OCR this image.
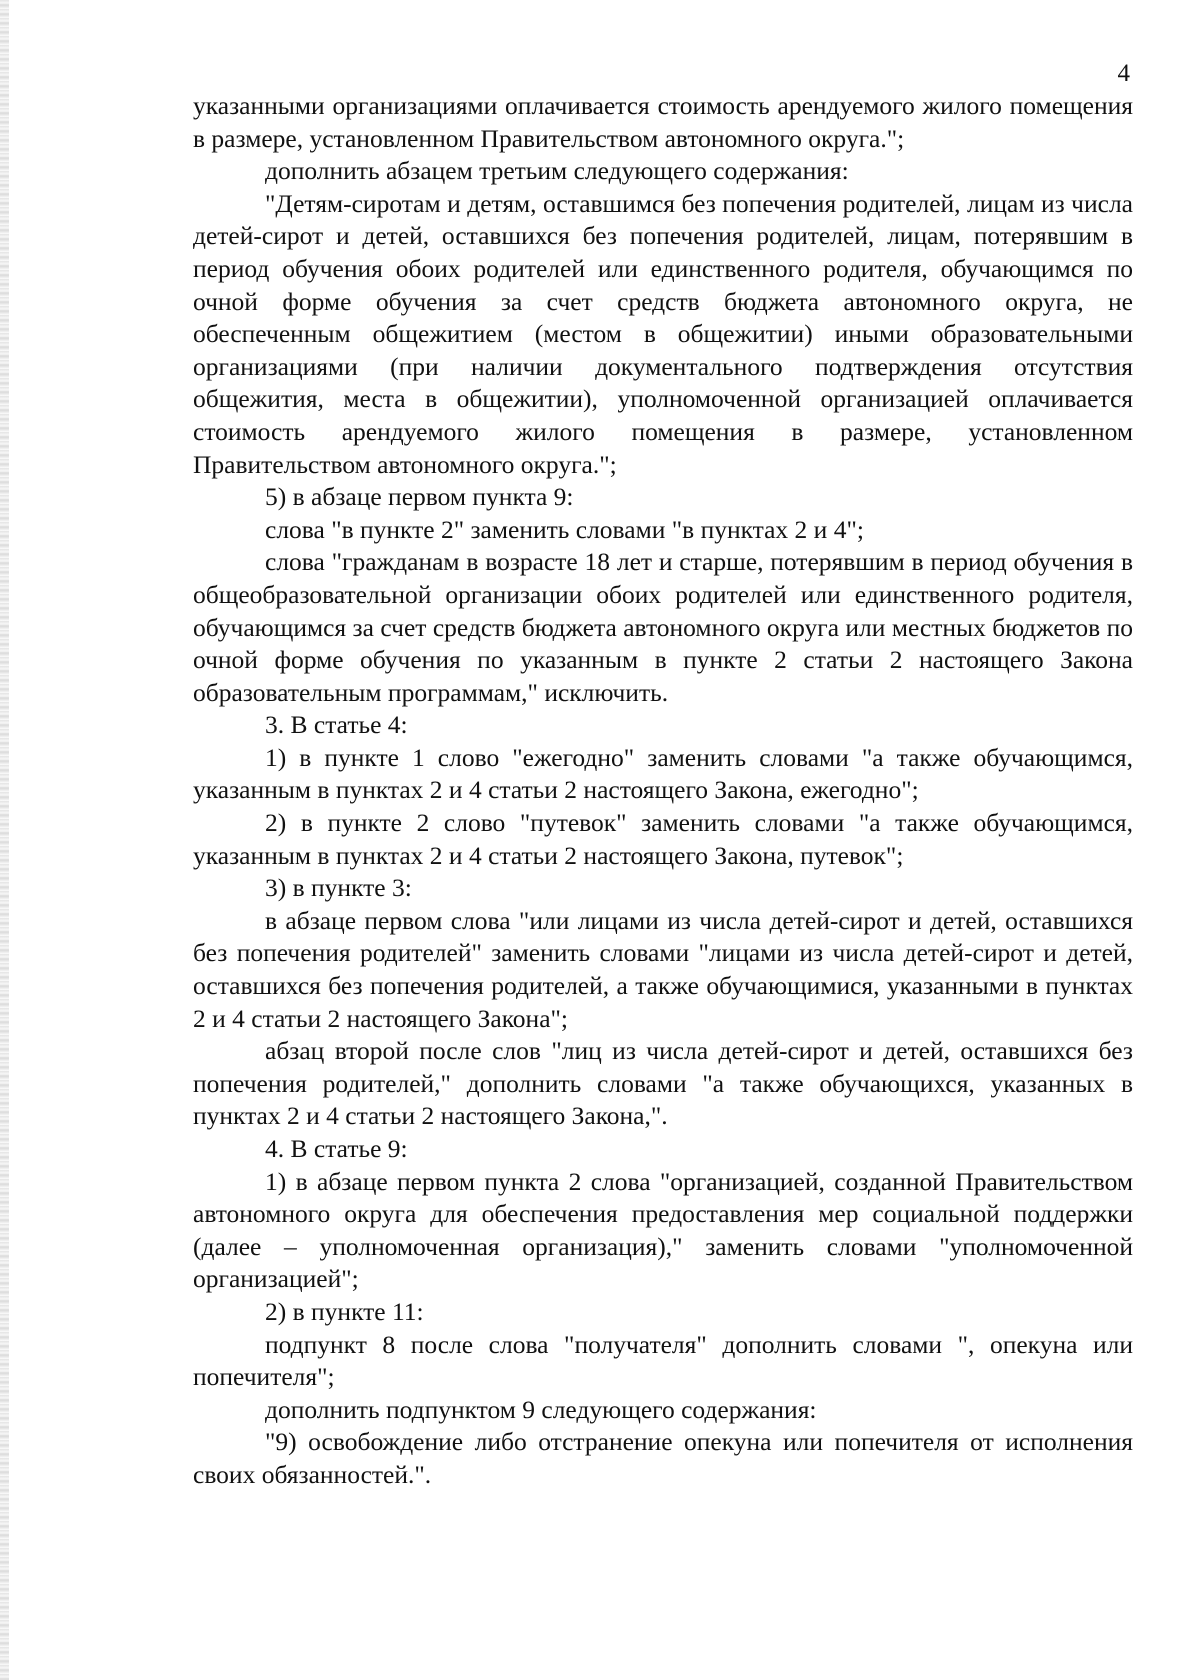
4

указанными организациями оплачивается стоимость арендуемого жилого помещения в размере, установленном Правительством автономного округа.";

дополнить абзацем третьим следующего содержания:

"Детям-сиротам и детям, оставшимся без попечения родителей, лицам из числа детей-сирот и детей, оставшихся без попечения родителей, лицам, потерявшим в период обучения обоих родителей или единственного родителя, обучающимся по очной форме обучения за счет средств бюджета автономного округа, не обеспеченным общежитием (местом в общежитии) иными образовательными организациями (при наличии документального подтверждения отсутствия общежития, места в общежитии), уполномоченной организацией оплачивается стоимость арендуемого жилого помещения в размере, установленном Правительством автономного округа.";

5) в абзаце первом пункта 9:

слова "в пункте 2" заменить словами "в пунктах 2 и 4";

слова "гражданам в возрасте 18 лет и старше, потерявшим в период обучения в общеобразовательной организации обоих родителей или единственного родителя, обучающимся за счет средств бюджета автономного округа или местных бюджетов по очной форме обучения по указанным в пункте 2 статьи 2 настоящего Закона образовательным программам," исключить.

3. В статье 4:

1) в пункте 1 слово "ежегодно" заменить словами "а также обучающимся, указанным в пунктах 2 и 4 статьи 2 настоящего Закона, ежегодно";

2) в пункте 2 слово "путевок" заменить словами "а также обучающимся, указанным в пунктах 2 и 4 статьи 2 настоящего Закона, путевок";

3) в пункте 3:

в абзаце первом слова "или лицами из числа детей-сирот и детей, оставшихся без попечения родителей" заменить словами "лицами из числа детей-сирот и детей, оставшихся без попечения родителей, а также обучающимися, указанными в пунктах 2 и 4 статьи 2 настоящего Закона";

абзац второй после слов "лиц из числа детей-сирот и детей, оставшихся без попечения родителей," дополнить словами "а также обучающихся, указанных в пунктах 2 и 4 статьи 2 настоящего Закона,".

4. В статье 9:

1) в абзаце первом пункта 2 слова "организацией, созданной Правительством автономного округа для обеспечения предоставления мер социальной поддержки (далее – уполномоченная организация)," заменить словами "уполномоченной организацией";

2) в пункте 11:

подпункт 8 после слова "получателя" дополнить словами ", опекуна или попечителя";

дополнить подпунктом 9 следующего содержания:

"9) освобождение либо отстранение опекуна или попечителя от исполнения своих обязанностей.".
